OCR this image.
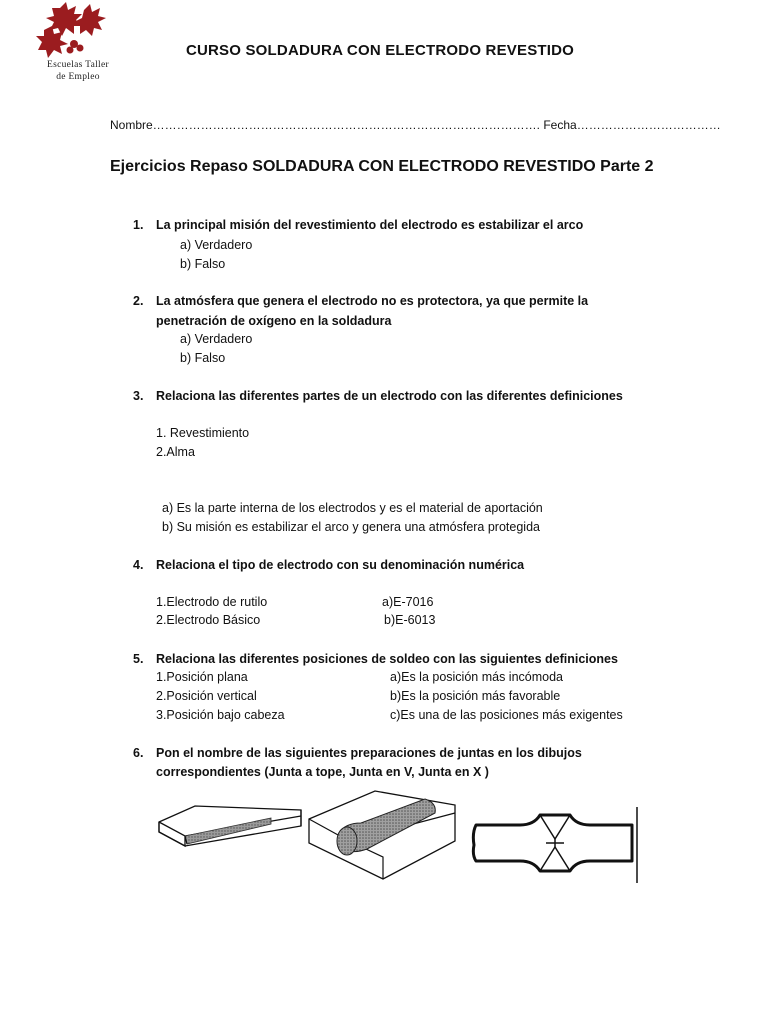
Escuelas Taller
de Empleo
CURSO SOLDADURA CON ELECTRODO REVESTIDO
Nombre……………………………………………………………………………………. Fecha………………………………
Ejercicios Repaso SOLDADURA CON ELECTRODO REVESTIDO Parte 2
1. La principal misión del revestimiento del electrodo es estabilizar el arco
a) Verdadero
b) Falso
2. La atmósfera que genera el electrodo no es protectora, ya que permite la
penetración de oxígeno en la soldadura
a) Verdadero
b) Falso
3. Relaciona las diferentes partes de un electrodo con las diferentes definiciones
1. Revestimiento
2.Alma
a) Es la parte interna de los electrodos y es el material de aportación
b) Su misión es estabilizar el arco y genera una atmósfera protegida
4. Relaciona el tipo de electrodo con su denominación numérica
1.Electrodo de rutilo
2.Electrodo Básico
a)E-7016
b)E-6013
5. Relaciona las diferentes posiciones de soldeo con las siguientes definiciones
1.Posición plana
2.Posición vertical
3.Posición bajo cabeza
a)Es la posición más incómoda
b)Es la posición más favorable
c)Es una de las posiciones más exigentes
6. Pon el nombre de las siguientes preparaciones de juntas en los dibujos
correspondientes (Junta a tope, Junta en V, Junta en X )
